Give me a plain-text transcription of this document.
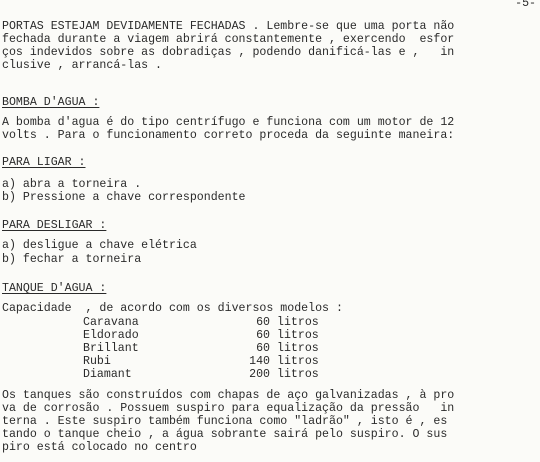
-5-
PORTAS ESTEJAM DEVIDAMENTE FECHADAS . Lembre-se que uma porta não
fechada durante a viagem abrirá constantemente , exercendo  esfor
ços indevidos sobre as dobradiças , podendo danificá-las e ,   in
clusive , arrancá-las .
BOMBA D'AGUA :
A bomba d'agua é do tipo centrífugo e funciona com um motor de 12
volts . Para o funcionamento correto proceda da seguinte maneira:
PARA LIGAR :
a) abra a torneira .
b) Pressione a chave correspondente
PARA DESLIGAR :
a) desligue a chave elétrica
b) fechar a torneira
TANQUE D'AGUA :
Capacidade  , de acordo com os diversos modelos :
Caravana	60	litros
Eldorado	60	litros
Brillant	60	litros
Rubi	140	litros
Diamant	200	litros
Os tanques são construídos com chapas de aço galvanizadas , à pro
va de corrosão . Possuem suspiro para equalização da pressão   in
terna . Este suspiro também funciona como "ladrão" , isto é , es
tando o tanque cheio , a água sobrante sairá pelo suspiro. O sus
piro está colocado no centro
